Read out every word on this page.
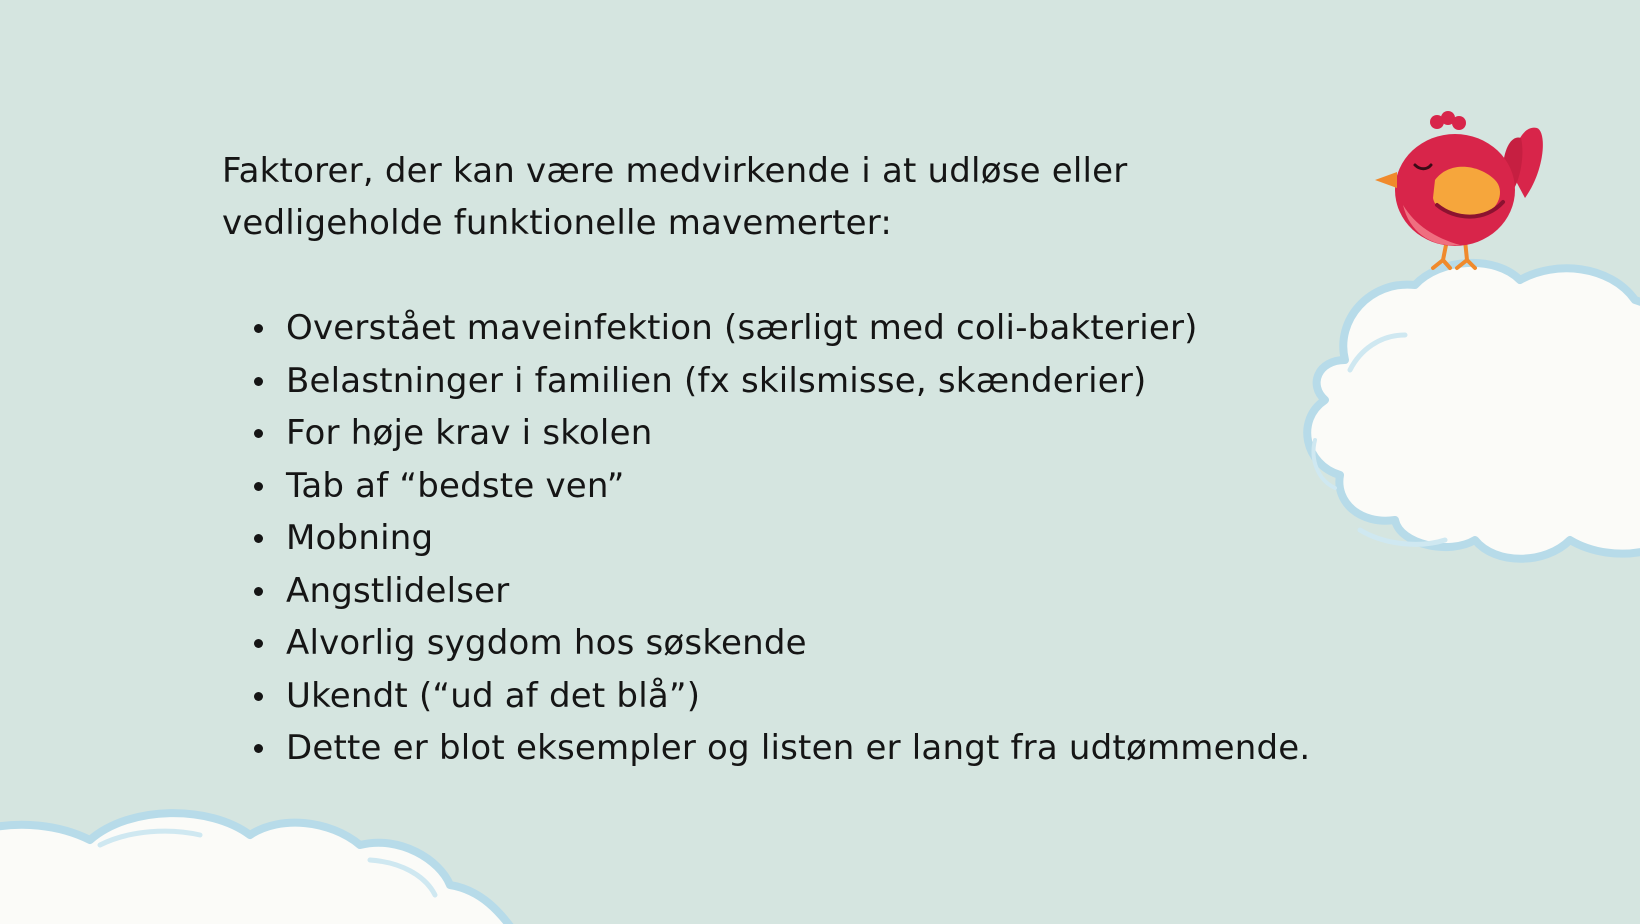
Faktorer, der kan være medvirkende i at udløse eller vedligeholde funktionelle mavemerter:

Overstået maveinfektion (særligt med coli-bakterier)
Belastninger i familien (fx skilsmisse, skænderier)
For høje krav i skolen
Tab af “bedste ven”
Mobning
Angstlidelser
Alvorlig sygdom hos søskende
Ukendt (“ud af det blå”)
Dette er blot eksempler og listen er langt fra udtømmende.
